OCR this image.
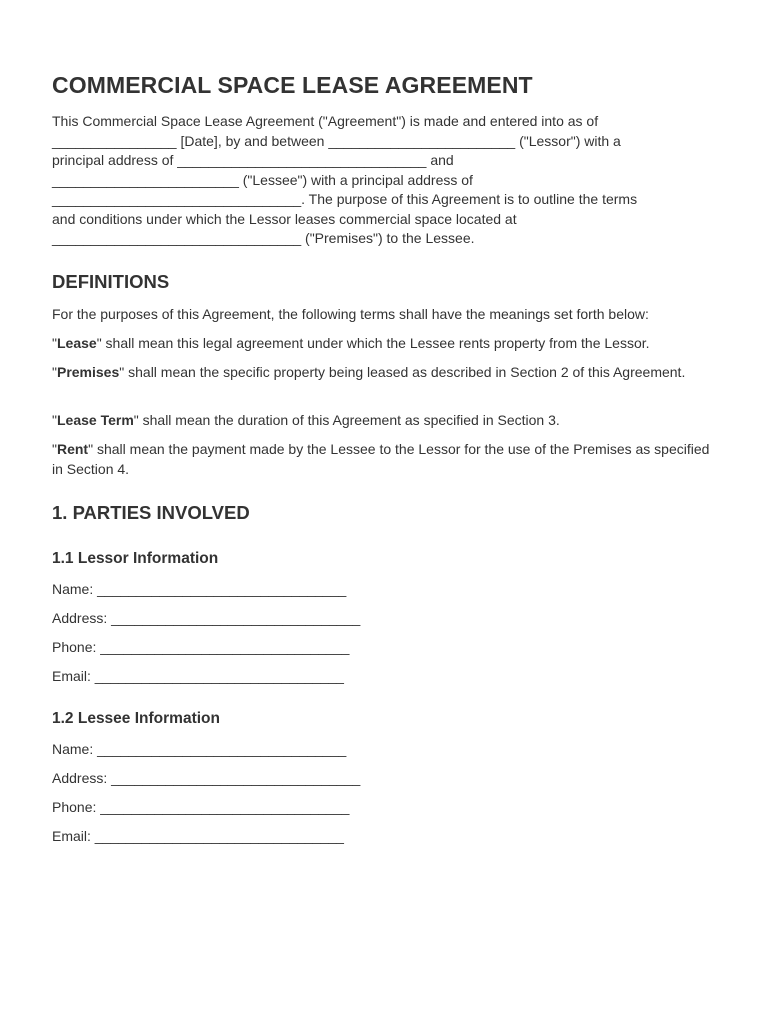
COMMERCIAL SPACE LEASE AGREEMENT
This Commercial Space Lease Agreement ("Agreement") is made and entered into as of
________________ [Date], by and between ________________________ ("Lessor") with a
principal address of ________________________________ and
________________________ ("Lessee") with a principal address of
________________________________. The purpose of this Agreement is to outline the terms
and conditions under which the Lessor leases commercial space located at
________________________________ ("Premises") to the Lessee.
DEFINITIONS
For the purposes of this Agreement, the following terms shall have the meanings set forth below:
"Lease" shall mean this legal agreement under which the Lessee rents property from the Lessor.
"Premises" shall mean the specific property being leased as described in Section 2 of this Agreement.
"Lease Term" shall mean the duration of this Agreement as specified in Section 3.
"Rent" shall mean the payment made by the Lessee to the Lessor for the use of the Premises as specified in Section 4.
1. PARTIES INVOLVED
1.1 Lessor Information
Name: ________________________________
Address: ________________________________
Phone: ________________________________
Email: ________________________________
1.2 Lessee Information
Name: ________________________________
Address: ________________________________
Phone: ________________________________
Email: ________________________________
